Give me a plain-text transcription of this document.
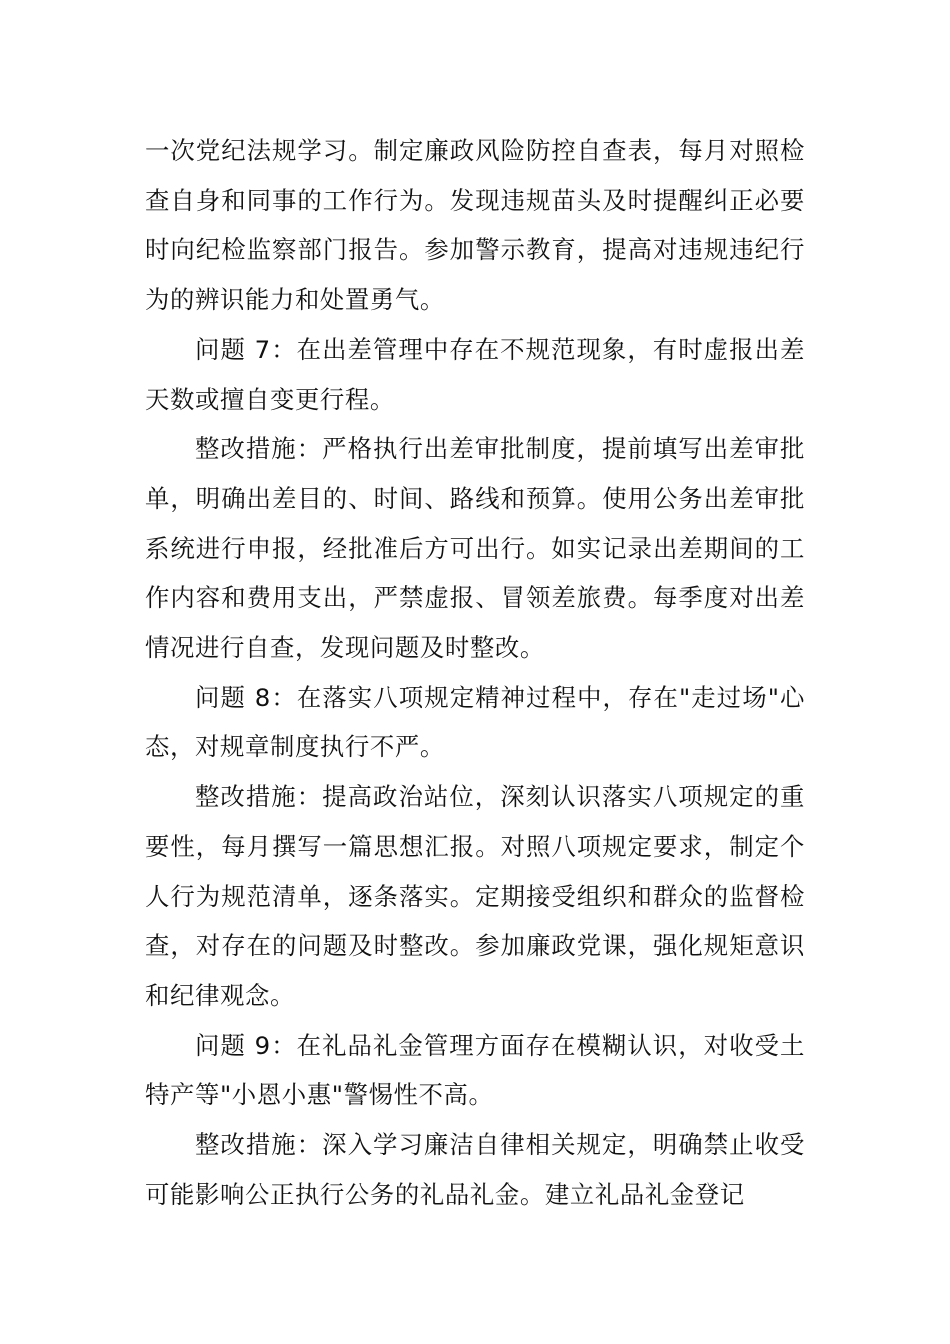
一次党纪法规学习。制定廉政风险防控自查表，每月对照检查自身和同事的工作行为。发现违规苗头及时提醒纠正必要时向纪检监察部门报告。参加警示教育，提高对违规违纪行为的辨识能力和处置勇气。

问题 7：在出差管理中存在不规范现象，有时虚报出差天数或擅自变更行程。

整改措施：严格执行出差审批制度，提前填写出差审批单，明确出差目的、时间、路线和预算。使用公务出差审批系统进行申报，经批准后方可出行。如实记录出差期间的工作内容和费用支出，严禁虚报、冒领差旅费。每季度对出差情况进行自查，发现问题及时整改。

问题 8：在落实八项规定精神过程中，存在"走过场"心态，对规章制度执行不严。

整改措施：提高政治站位，深刻认识落实八项规定的重要性，每月撰写一篇思想汇报。对照八项规定要求，制定个人行为规范清单，逐条落实。定期接受组织和群众的监督检查，对存在的问题及时整改。参加廉政党课，强化规矩意识和纪律观念。

问题 9：在礼品礼金管理方面存在模糊认识，对收受土特产等"小恩小惠"警惕性不高。

整改措施：深入学习廉洁自律相关规定，明确禁止收受可能影响公正执行公务的礼品礼金。建立礼品礼金登记
